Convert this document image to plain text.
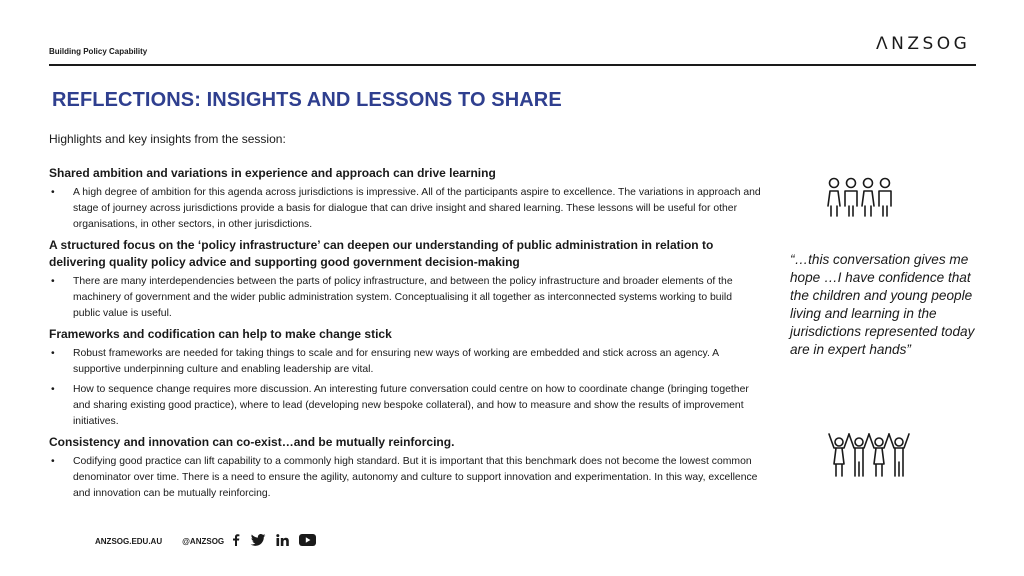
Building Policy Capability	ΛNZSOG
REFLECTIONS: INSIGHTS AND LESSONS TO SHARE
Highlights and key insights from the session:
Shared ambition and variations in experience and approach can drive learning
• A high degree of ambition for this agenda across jurisdictions is impressive. All of the participants aspire to excellence. The variations in approach and stage of journey across jurisdictions provide a basis for dialogue that can drive insight and shared learning. These lessons will be useful for other organisations, in other sectors, in other jurisdictions.
A structured focus on the ‘policy infrastructure’ can deepen our understanding of public administration in relation to delivering quality policy advice and supporting good government decision-making
• There are many interdependencies between the parts of policy infrastructure, and between the policy infrastructure and broader elements of the machinery of government and the wider public administration system. Conceptualising it all together as interconnected systems working to build public value is useful.
Frameworks and codification can help to make change stick
• Robust frameworks are needed for taking things to scale and for ensuring new ways of working are embedded and stick across an agency. A supportive underpinning culture and enabling leadership are vital.
• How to sequence change requires more discussion. An interesting future conversation could centre on how to coordinate change (bringing together and sharing existing good practice), where to lead (developing new bespoke collateral), and how to measure and show the results of improvement initiatives.
Consistency and innovation can co-exist…and be mutually reinforcing.
• Codifying good practice can lift capability to a commonly high standard. But it is important that this benchmark does not become the lowest common denominator over time. There is a need to ensure the agility, autonomy and culture to support innovation and experimentation. In this way, excellence and innovation can be mutually reinforcing.
“…this conversation gives me hope …I have confidence that the children and young people living and learning in the jurisdictions represented today are in expert hands”
ANZSOG.EDU.AU	@ANZSOG
